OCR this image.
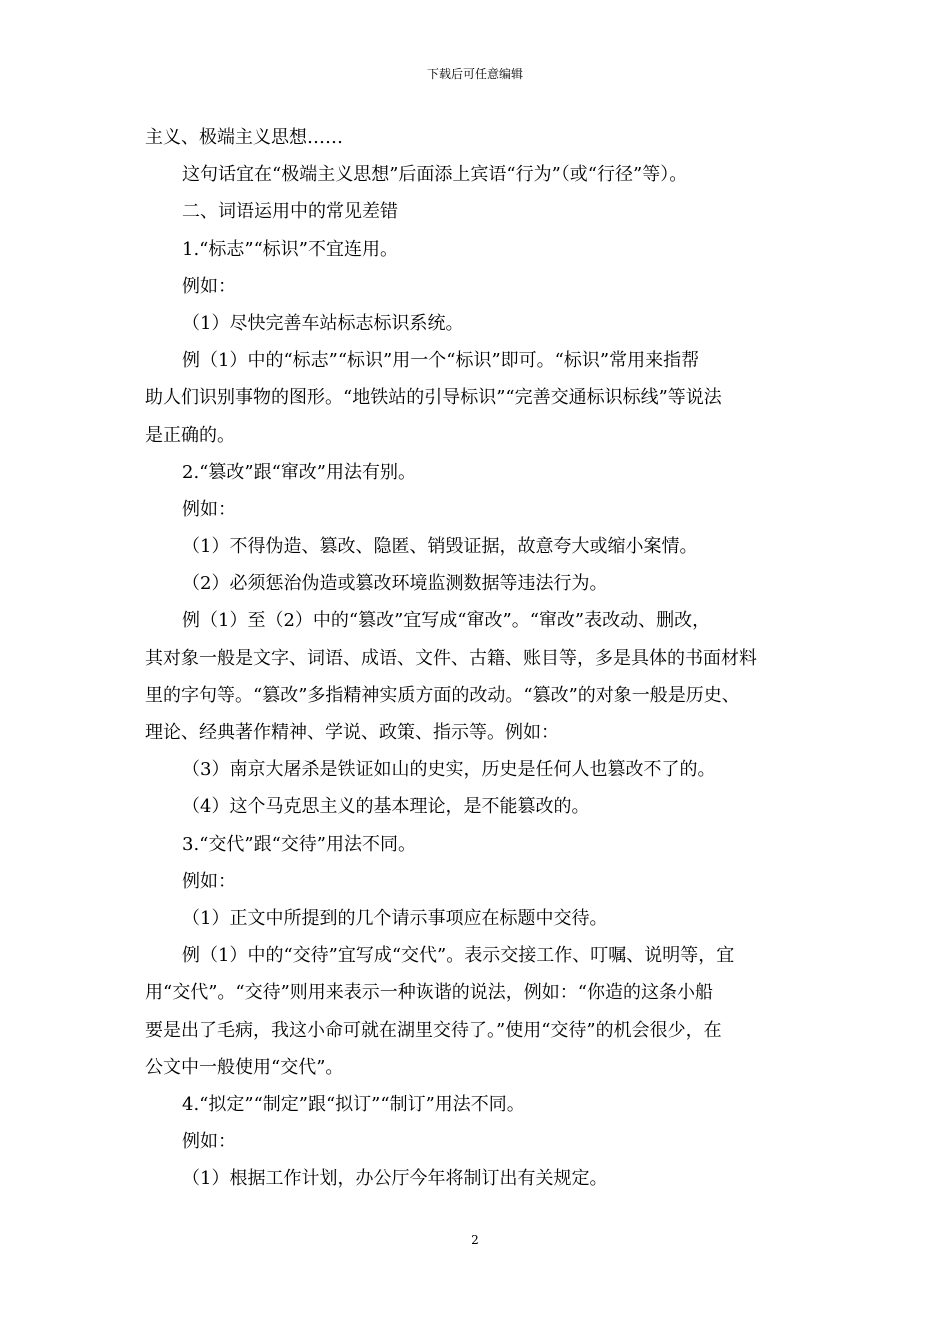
下载后可任意编辑
主义、极端主义思想……
这句话宜在“极端主义思想”后面添上宾语“行为”（或“行径”等）。
二、词语运用中的常见差错
1.“标志”“标识”不宜连用。
例如：
（1）尽快完善车站标志标识系统。
例（1）中的“标志”“标识”用一个“标识”即可。“标识”常用来指帮
助人们识别事物的图形。“地铁站的引导标识”“完善交通标识标线”等说法
是正确的。
2.“篡改”跟“窜改”用法有别。
例如：
（1）不得伪造、篡改、隐匿、销毁证据，故意夸大或缩小案情。
（2）必须惩治伪造或篡改环境监测数据等违法行为。
例（1）至（2）中的“篡改”宜写成“窜改”。“窜改”表改动、删改，
其对象一般是文字、词语、成语、文件、古籍、账目等，多是具体的书面材料
里的字句等。“篡改”多指精神实质方面的改动。“篡改”的对象一般是历史、
理论、经典著作精神、学说、政策、指示等。例如：
（3）南京大屠杀是铁证如山的史实，历史是任何人也篡改不了的。
（4）这个马克思主义的基本理论，是不能篡改的。
3.“交代”跟“交待”用法不同。
例如：
（1）正文中所提到的几个请示事项应在标题中交待。
例（1）中的“交待”宜写成“交代”。表示交接工作、叮嘱、说明等，宜
用“交代”。“交待”则用来表示一种诙谐的说法，例如：“你造的这条小船
要是出了毛病，我这小命可就在湖里交待了。”使用“交待”的机会很少，在
公文中一般使用“交代”。
4.“拟定”“制定”跟“拟订”“制订”用法不同。
例如：
（1）根据工作计划，办公厅今年将制订出有关规定。
2
